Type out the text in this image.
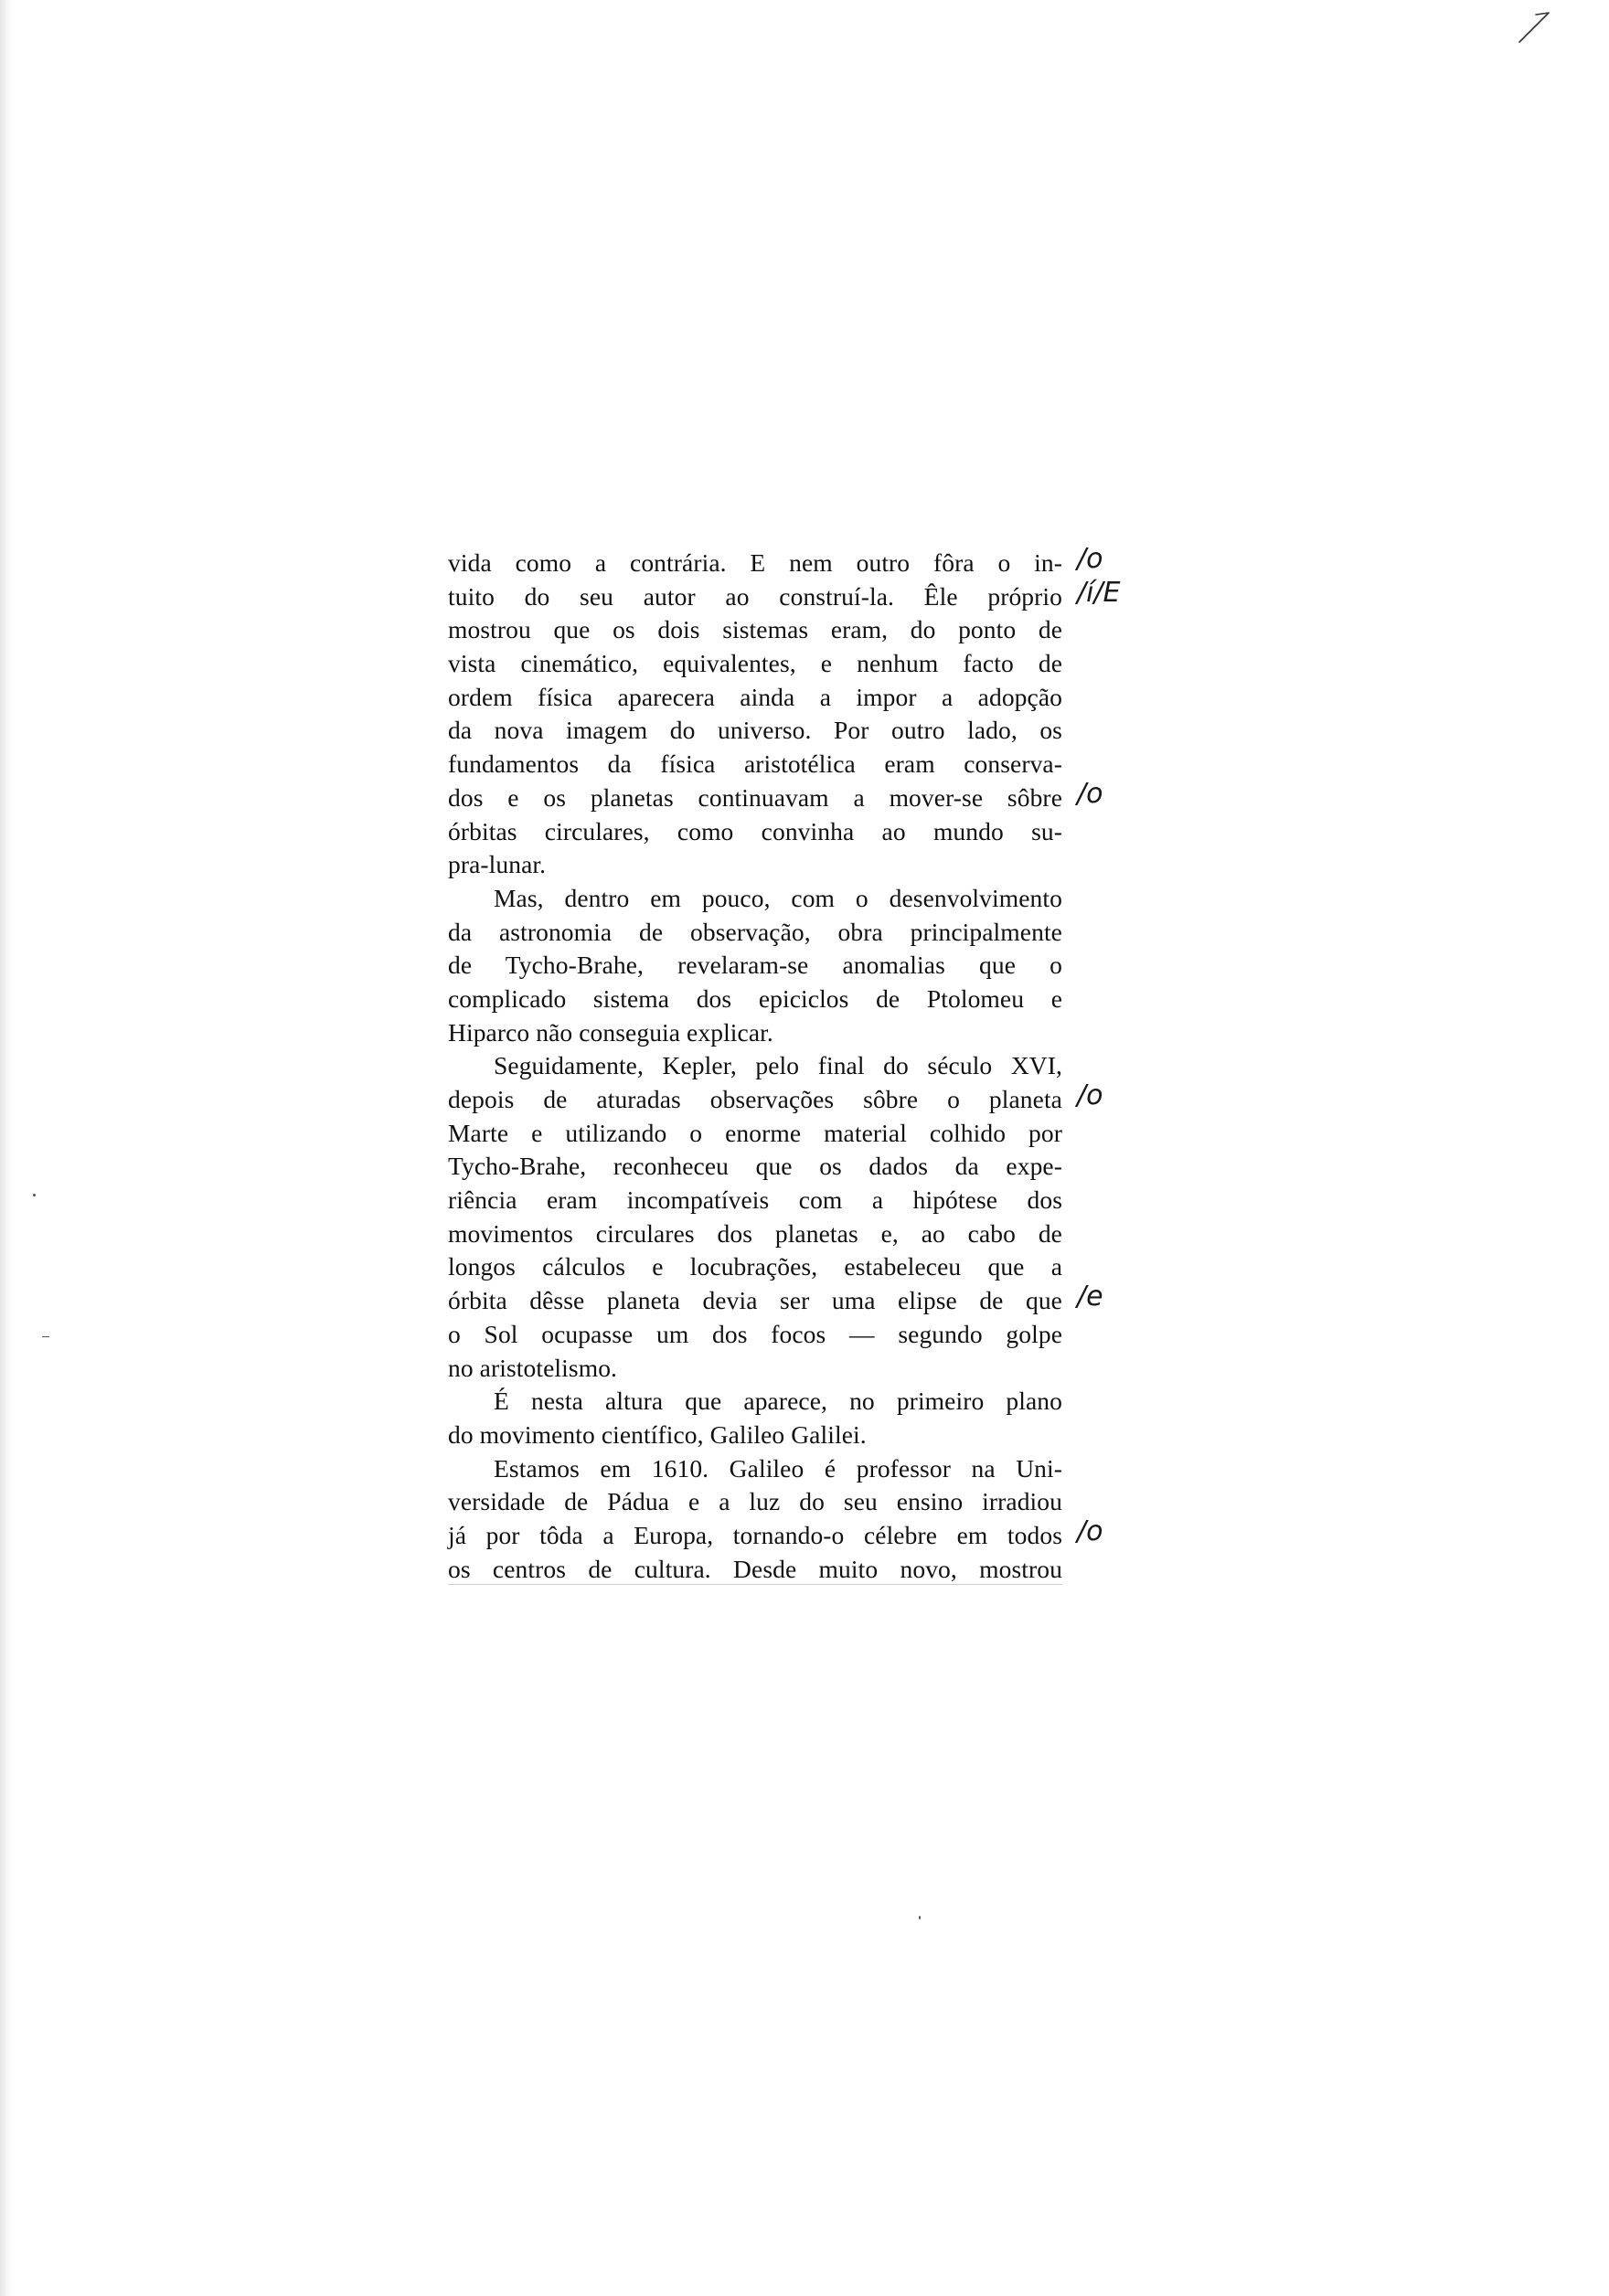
vida como a contrária. E nem outro fôra o in-
tuito do seu autor ao construí-la. Êle próprio
mostrou que os dois sistemas eram, do ponto de
vista cinemático, equivalentes, e nenhum facto de
ordem física aparecera ainda a impor a adopção
da nova imagem do universo. Por outro lado, os
fundamentos da física aristotélica eram conserva-
dos e os planetas continuavam a mover-se sôbre
órbitas circulares, como convinha ao mundo su-
pra-lunar.
Mas, dentro em pouco, com o desenvolvimento
da astronomia de observação, obra principalmente
de Tycho-Brahe, revelaram-se anomalias que o
complicado sistema dos epiciclos de Ptolomeu e
Hiparco não conseguia explicar.
Seguidamente, Kepler, pelo final do século XVI,
depois de aturadas observações sôbre o planeta
Marte e utilizando o enorme material colhido por
Tycho-Brahe, reconheceu que os dados da expe-
riência eram incompatíveis com a hipótese dos
movimentos circulares dos planetas e, ao cabo de
longos cálculos e locubrações, estabeleceu que a
órbita dêsse planeta devia ser uma elipse de que
o Sol ocupasse um dos focos — segundo golpe
no aristotelismo.
É nesta altura que aparece, no primeiro plano
do movimento científico, Galileo Galilei.
Estamos em 1610. Galileo é professor na Uni-
versidade de Pádua e a luz do seu ensino irradiou
já por tôda a Europa, tornando-o célebre em todos
os centros de cultura. Desde muito novo, mostrou
/o
/í/E
/o
/o
/e
/o
